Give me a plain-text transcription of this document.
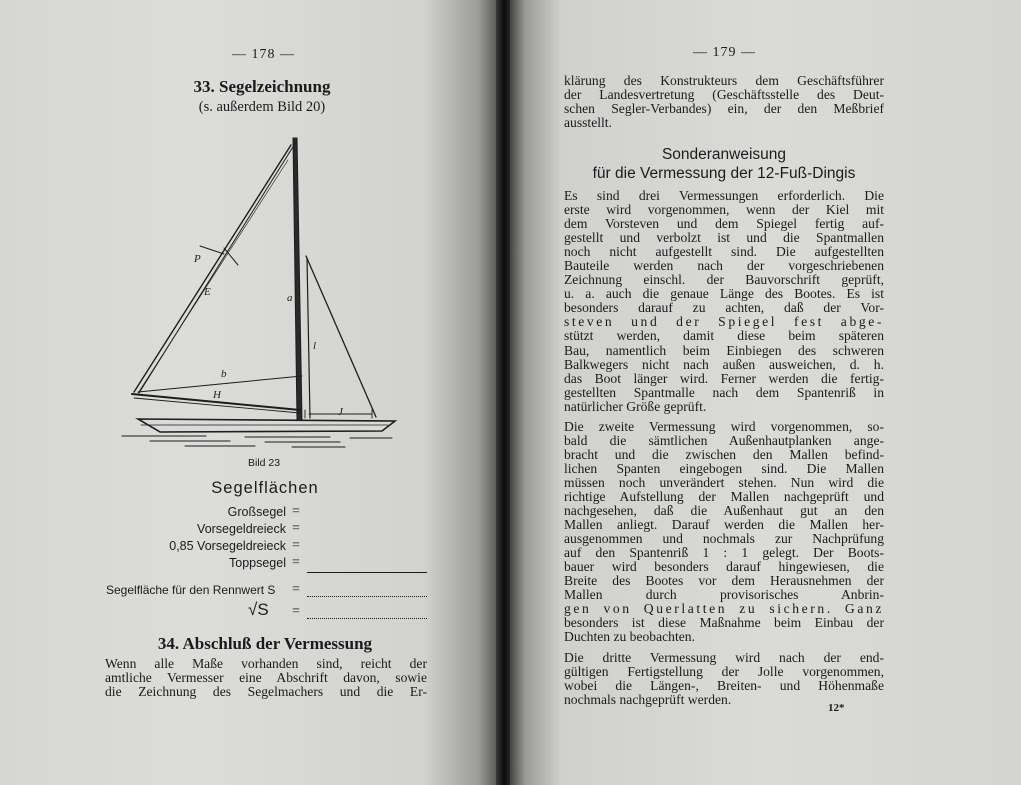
— 178 —
33. Segelzeichnung
(s. außerdem Bild 20)
P
E	a
l
b
H
J
Bild 23
Segelflächen
Großsegel
Vorsegeldreieck
0,85 Vorsegeldreieck
Toppsegel
=
=
=
=
Segelfläche für den Rennwert S =
√S =
34. Abschluß der Vermessung
Wenn alle Maße vorhanden sind, reicht der
amtliche Vermesser eine Abschrift davon, sowie
die Zeichnung des Segelmachers und die Er-
— 179 —
klärung des Konstrukteurs dem Geschäftsführer
der Landesvertretung (Geschäftsstelle des Deut-
schen Segler-Verbandes) ein, der den Meßbrief
ausstellt.
Sonderanweisung
für die Vermessung der 12-Fuß-Dingis

Es sind drei Vermessungen erforderlich. Die
erste wird vorgenommen, wenn der Kiel mit
dem Vorsteven und dem Spiegel fertig auf-
gestellt und verbolzt ist und die Spantmallen
noch nicht aufgestellt sind. Die aufgestellten
Bauteile werden nach der vorgeschriebenen
Zeichnung einschl. der Bauvorschrift geprüft,
u. a. auch die genaue Länge des Bootes. Es ist
besonders darauf zu achten, daß der Vor-
steven und der Spiegel fest abge-
stützt werden, damit diese beim späteren
Bau, namentlich beim Einbiegen des schweren
Balkwegers nicht nach außen ausweichen, d. h.
das Boot länger wird. Ferner werden die fertig-
gestellten Spantmalle nach dem Spantenriß in
natürlicher Größe geprüft.

Die zweite Vermessung wird vorgenommen, so-
bald die sämtlichen Außenhautplanken ange-
bracht und die zwischen den Mallen befind-
lichen Spanten eingebogen sind. Die Mallen
müssen noch unverändert stehen. Nun wird die
richtige Aufstellung der Mallen nachgeprüft und
nachgesehen, daß die Außenhaut gut an den
Mallen anliegt. Darauf werden die Mallen her-
ausgenommen und nochmals zur Nachprüfung
auf den Spantenriß 1 : 1 gelegt. Der Boots-
bauer wird besonders darauf hingewiesen, die
Breite des Bootes vor dem Herausnehmen der
Mallen durch provisorisches Anbrin-
gen von Querlatten zu sichern. Ganz
besonders ist diese Maßnahme beim Einbau der
Duchten zu beobachten.

Die dritte Vermessung wird nach der end-
gültigen Fertigstellung der Jolle vorgenommen,
wobei die Längen-, Breiten- und Höhenmaße
nochmals nachgeprüft werden.

12*
